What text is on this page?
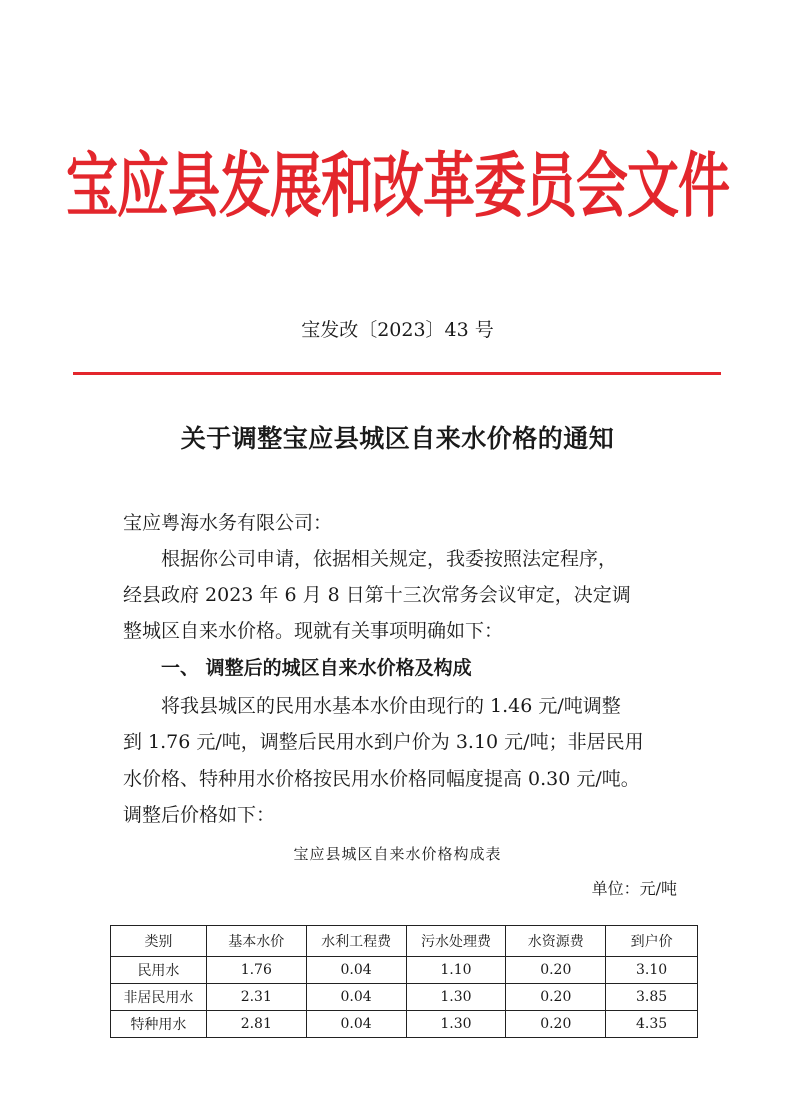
宝应县发展和改革委员会文件
宝发改〔2023〕43 号
关于调整宝应县城区自来水价格的通知
宝应粤海水务有限公司：
根据你公司申请，依据相关规定，我委按照法定程序，
经县政府 2023 年 6 月 8 日第十三次常务会议审定，决定调
整城区自来水价格。现就有关事项明确如下：
一、 调整后的城区自来水价格及构成
将我县城区的民用水基本水价由现行的 1.46 元/吨调整
到 1.76 元/吨，调整后民用水到户价为 3.10 元/吨；非居民用
水价格、特种用水价格按民用水价格同幅度提高 0.30 元/吨。
调整后价格如下：
宝应县城区自来水价格构成表
单位：元/吨
类别	基本水价	水利工程费	污水处理费	水资源费	到户价
民用水	1.76	0.04	1.10	0.20	3.10
非居民用水	2.31	0.04	1.30	0.20	3.85
特种用水	2.81	0.04	1.30	0.20	4.35
